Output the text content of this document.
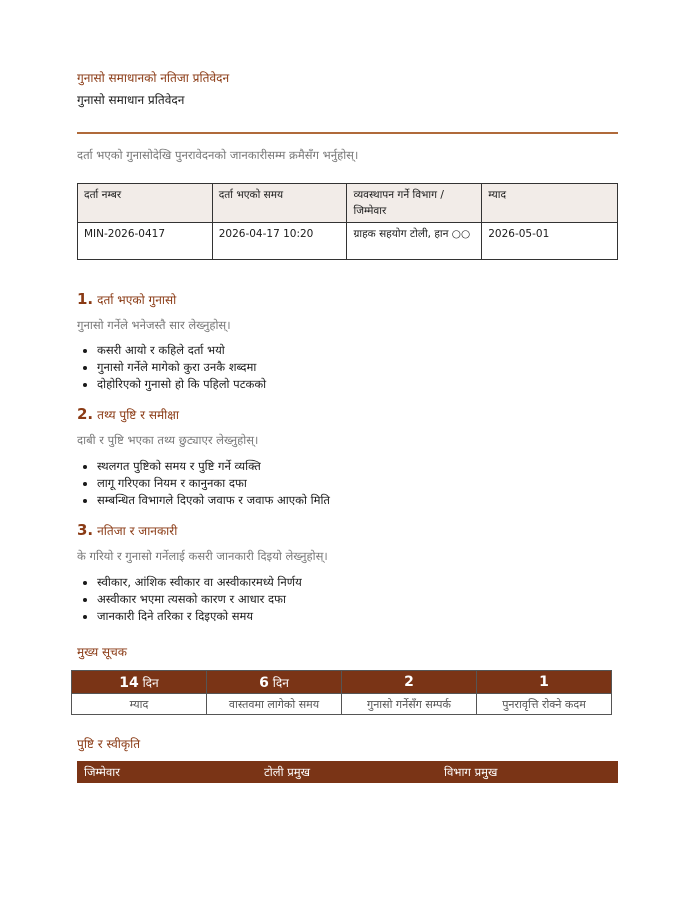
गुनासो समाधानको नतिजा प्रतिवेदन
गुनासो समाधान प्रतिवेदन
दर्ता भएको गुनासोदेखि पुनरावेदनको जानकारीसम्म क्रमैसँग भर्नुहोस्।
दर्ता नम्बर	दर्ता भएको समय	व्यवस्थापन गर्ने विभाग / जिम्मेवार	म्याद
MIN-2026-0417	2026-04-17 10:20	ग्राहक सहयोग टोली, हान ○○	2026-05-01
1. दर्ता भएको गुनासो
गुनासो गर्नेले भनेजस्तै सार लेख्नुहोस्।
• कसरी आयो र कहिले दर्ता भयो
• गुनासो गर्नेले मागेको कुरा उनकै शब्दमा
• दोहोरिएको गुनासो हो कि पहिलो पटकको
2. तथ्य पुष्टि र समीक्षा
दाबी र पुष्टि भएका तथ्य छुट्याएर लेख्नुहोस्।
• स्थलगत पुष्टिको समय र पुष्टि गर्ने व्यक्ति
• लागू गरिएका नियम र कानुनका दफा
• सम्बन्धित विभागले दिएको जवाफ र जवाफ आएको मिति
3. नतिजा र जानकारी
के गरियो र गुनासो गर्नेलाई कसरी जानकारी दिइयो लेख्नुहोस्।
• स्वीकार, आंशिक स्वीकार वा अस्वीकारमध्ये निर्णय
• अस्वीकार भएमा त्यसको कारण र आधार दफा
• जानकारी दिने तरिका र दिइएको समय
मुख्य सूचक
14 दिन	6 दिन	2	1
म्याद	वास्तवमा लागेको समय	गुनासो गर्नेसँग सम्पर्क	पुनरावृत्ति रोक्ने कदम
पुष्टि र स्वीकृति
जिम्मेवार	टोली प्रमुख	विभाग प्रमुख
